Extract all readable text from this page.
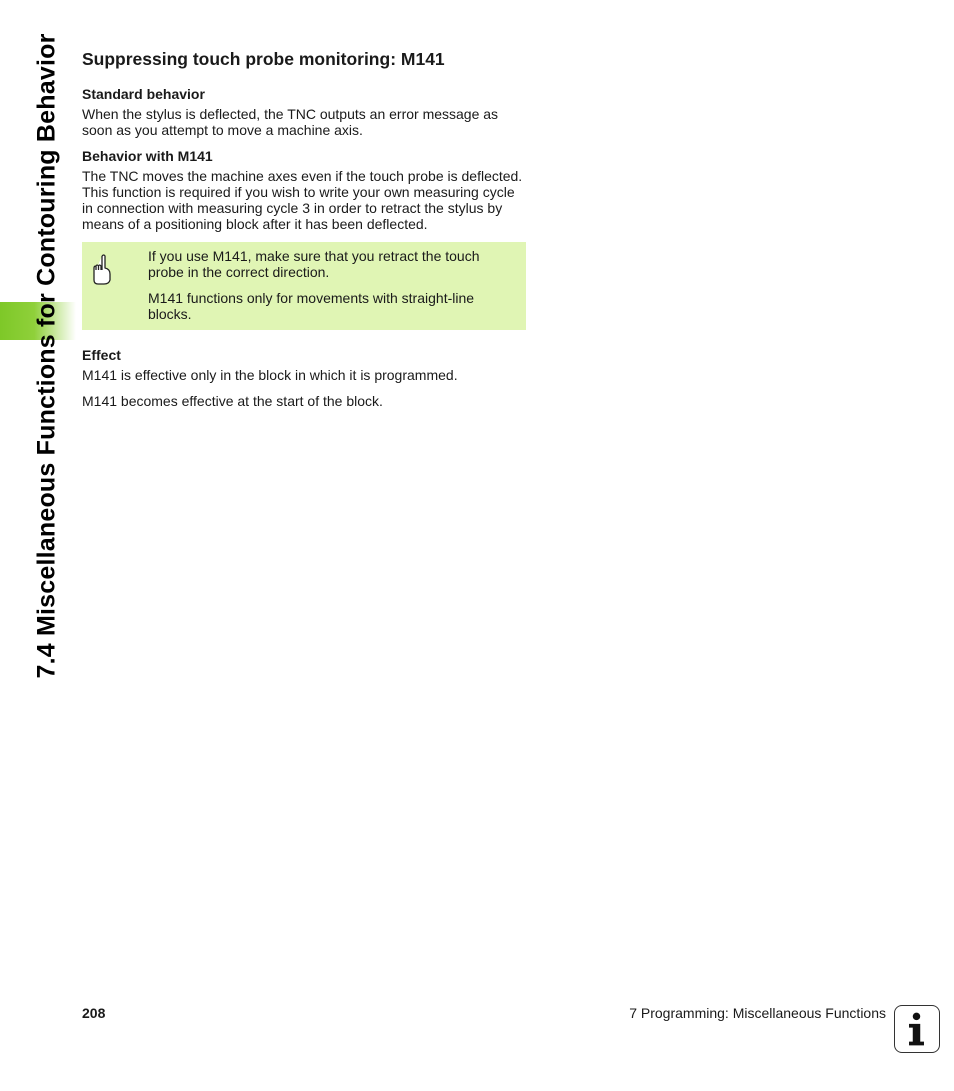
7.4 Miscellaneous Functions for Contouring Behavior Suppressing touch probe monitoring: M141
Standard behavior

When the stylus is deflected, the TNC outputs an error message as soon as you attempt to move a machine axis.

Behavior with M141

The TNC moves the machine axes even if the touch probe is deflected. This function is required if you wish to write your own measuring cycle in connection with measuring cycle 3 in order to retract the stylus by means of a positioning block after it has been deflected.

If you use M141, make sure that you retract the touch probe in the correct direction.

M141 functions only for movements with straight-line blocks.

Effect

M141 is effective only in the block in which it is programmed.

M141 becomes effective at the start of the block.

208	7 Programming: Miscellaneous Functions
